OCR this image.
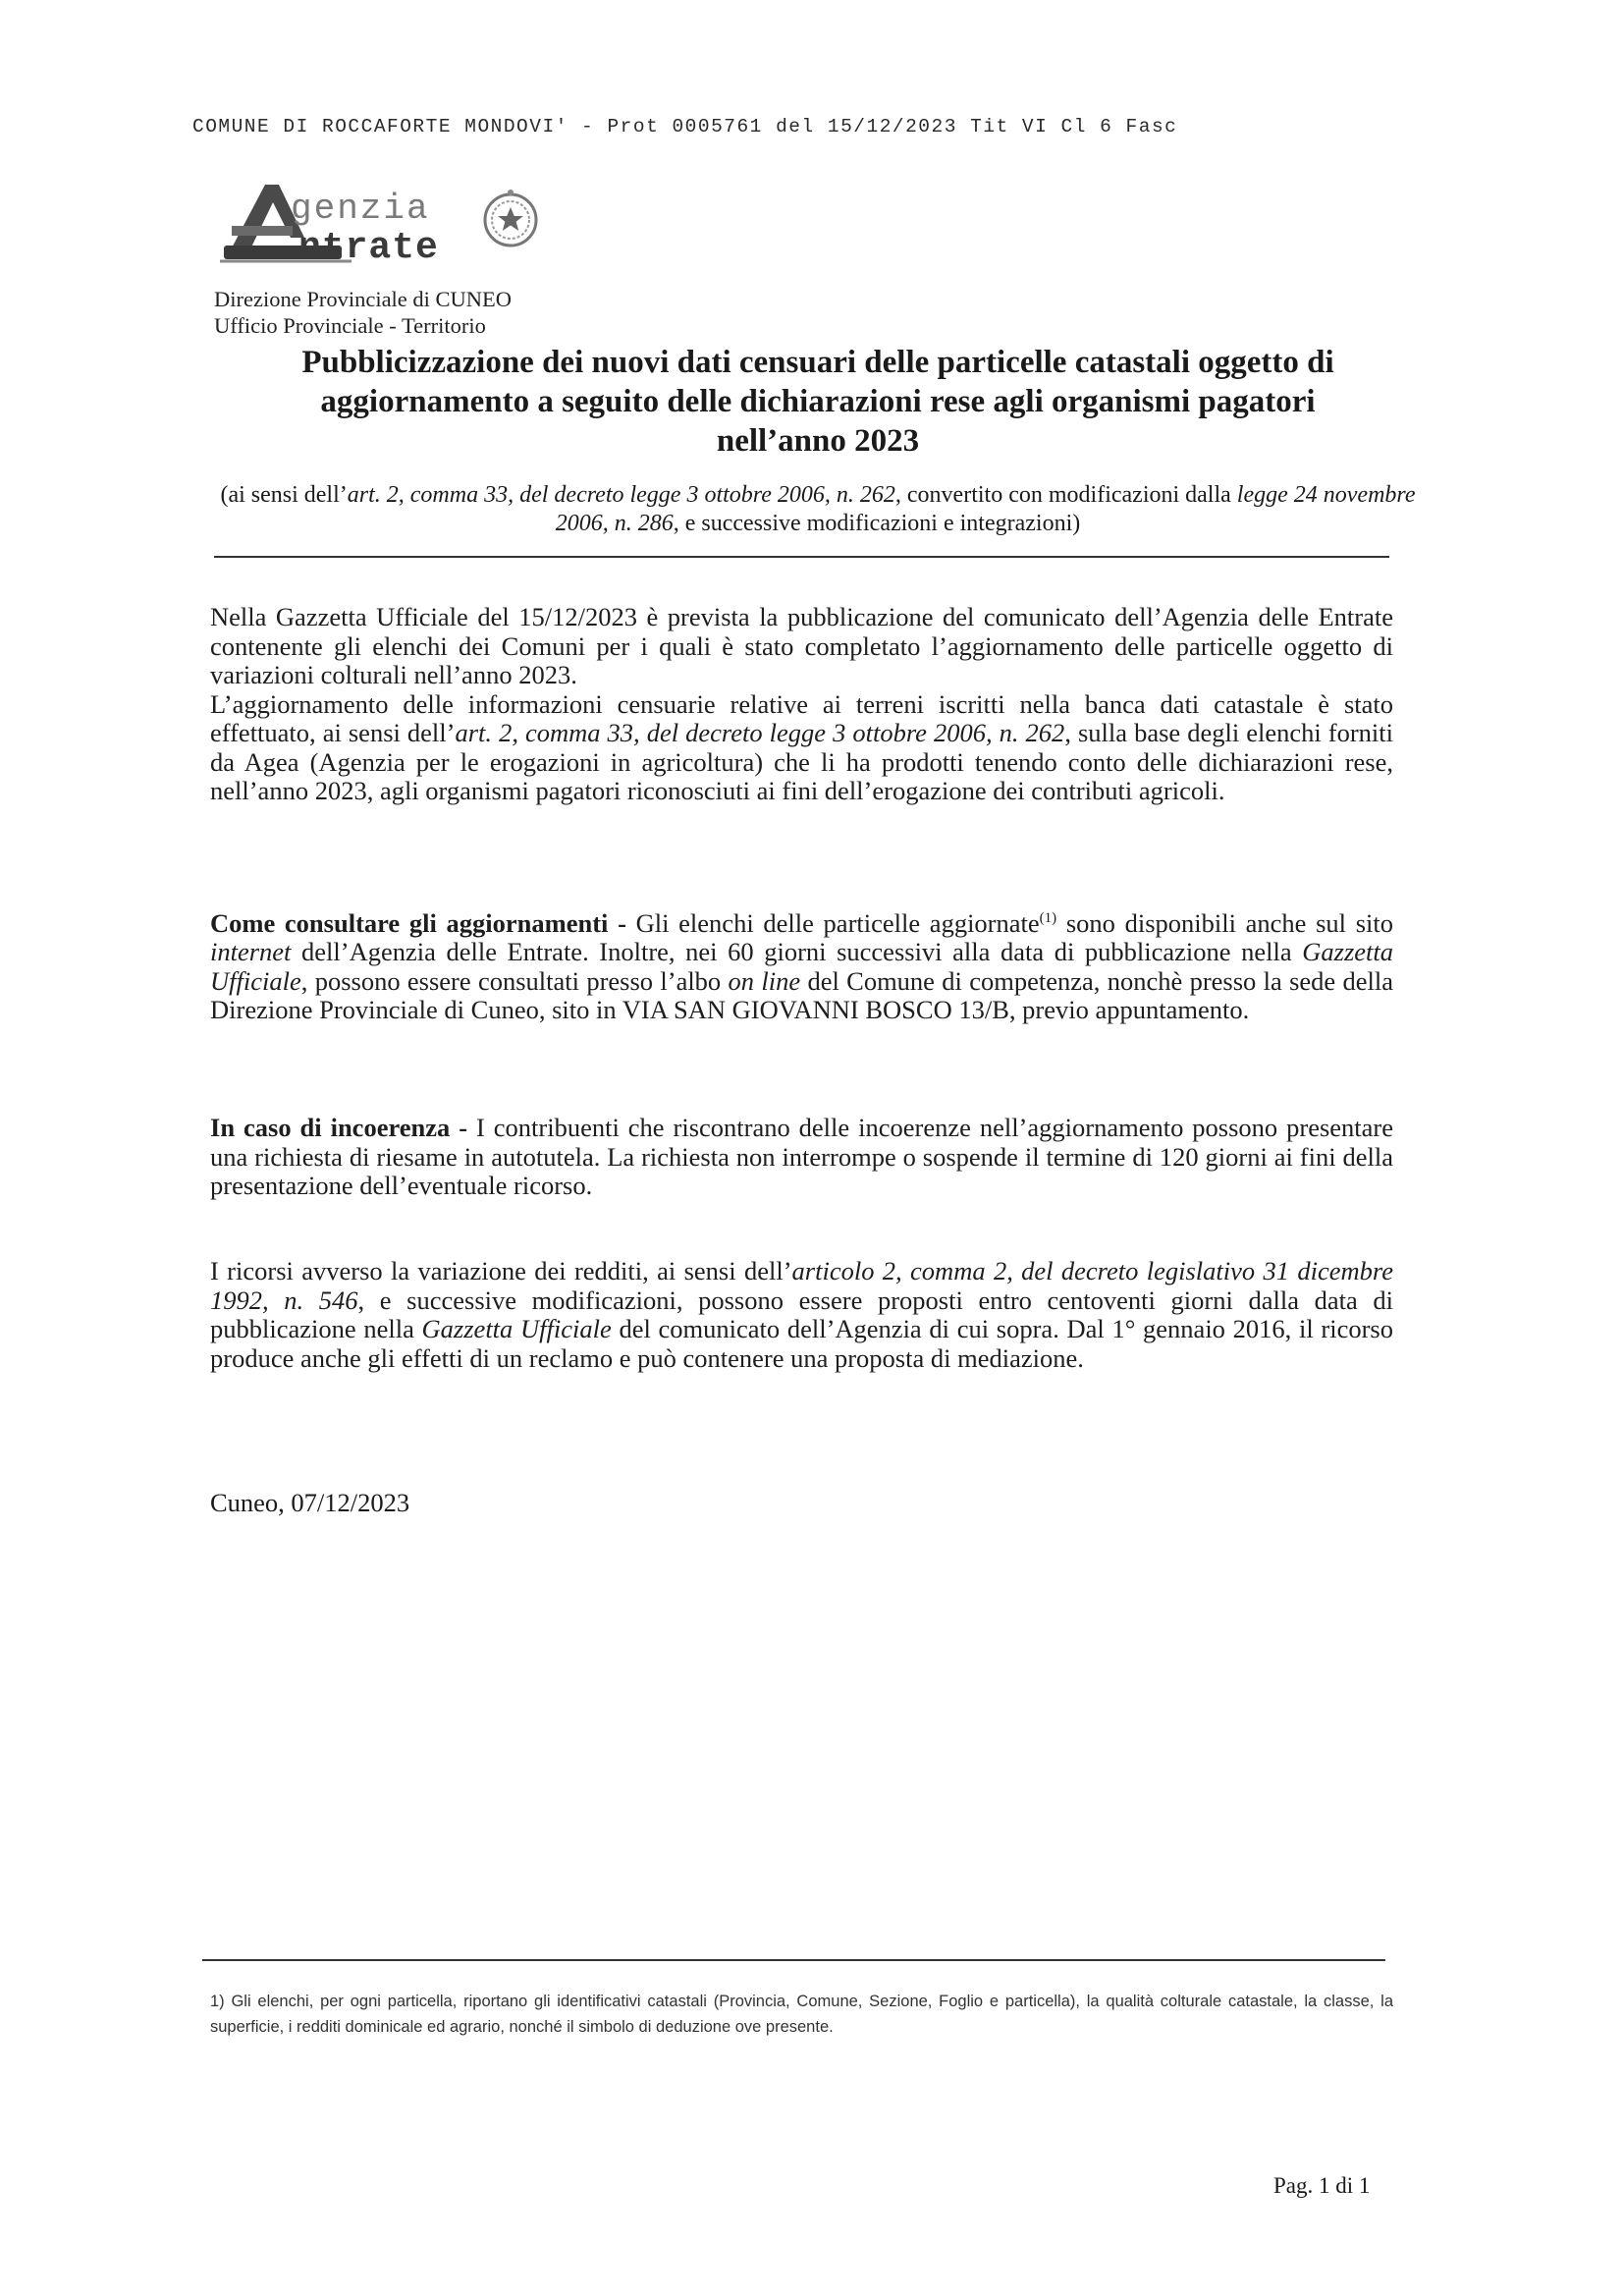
COMUNE DI ROCCAFORTE MONDOVI' - Prot 0005761 del 15/12/2023 Tit VI Cl 6 Fasc
genzia
ntrate
Direzione Provinciale di CUNEO
Ufficio Provinciale - Territorio
Pubblicizzazione dei nuovi dati censuari delle particelle catastali oggetto di
aggiornamento a seguito delle dichiarazioni rese agli organismi pagatori
nell’anno 2023
(ai sensi dell’art. 2, comma 33, del decreto legge 3 ottobre 2006, n. 262, convertito con modificazioni dalla legge 24 novembre 2006, n. 286, e successive modificazioni e integrazioni)

Nella Gazzetta Ufficiale del 15/12/2023 è prevista la pubblicazione del comunicato dell’Agenzia delle Entrate contenente gli elenchi dei Comuni per i quali è stato completato l’aggiornamento delle particelle oggetto di variazioni colturali nell’anno 2023.

L’aggiornamento delle informazioni censuarie relative ai terreni iscritti nella banca dati catastale è stato effettuato, ai sensi dell’art. 2, comma 33, del decreto legge 3 ottobre 2006, n. 262, sulla base degli elenchi forniti da Agea (Agenzia per le erogazioni in agricoltura) che li ha prodotti tenendo conto delle dichiarazioni rese, nell’anno 2023, agli organismi pagatori riconosciuti ai fini dell’erogazione dei contributi agricoli.

Come consultare gli aggiornamenti - Gli elenchi delle particelle aggiornate$^{(1)}$ sono disponibili anche sul sito internet dell’Agenzia delle Entrate. Inoltre, nei 60 giorni successivi alla data di pubblicazione nella Gazzetta Ufficiale, possono essere consultati presso l’albo on line del Comune di competenza, nonchè presso la sede della Direzione Provinciale di Cuneo, sito in VIA SAN GIOVANNI BOSCO 13/B, previo appuntamento.

In caso di incoerenza - I contribuenti che riscontrano delle incoerenze nell’aggiornamento possono presentare una richiesta di riesame in autotutela. La richiesta non interrompe o sospende il termine di 120 giorni ai fini della presentazione dell’eventuale ricorso.

I ricorsi avverso la variazione dei redditi, ai sensi dell’articolo 2, comma 2, del decreto legislativo 31 dicembre 1992, n. 546, e successive modificazioni, possono essere proposti entro centoventi giorni dalla data di pubblicazione nella Gazzetta Ufficiale del comunicato dell’Agenzia di cui sopra. Dal 1° gennaio 2016, il ricorso produce anche gli effetti di un reclamo e può contenere una proposta di mediazione.

Cuneo, 07/12/2023
1) Gli elenchi, per ogni particella, riportano gli identificativi catastali (Provincia, Comune, Sezione, Foglio e particella), la qualità colturale catastale, la classe, la superficie, i redditi dominicale ed agrario, nonché il simbolo di deduzione ove presente.
Pag. 1 di 1
